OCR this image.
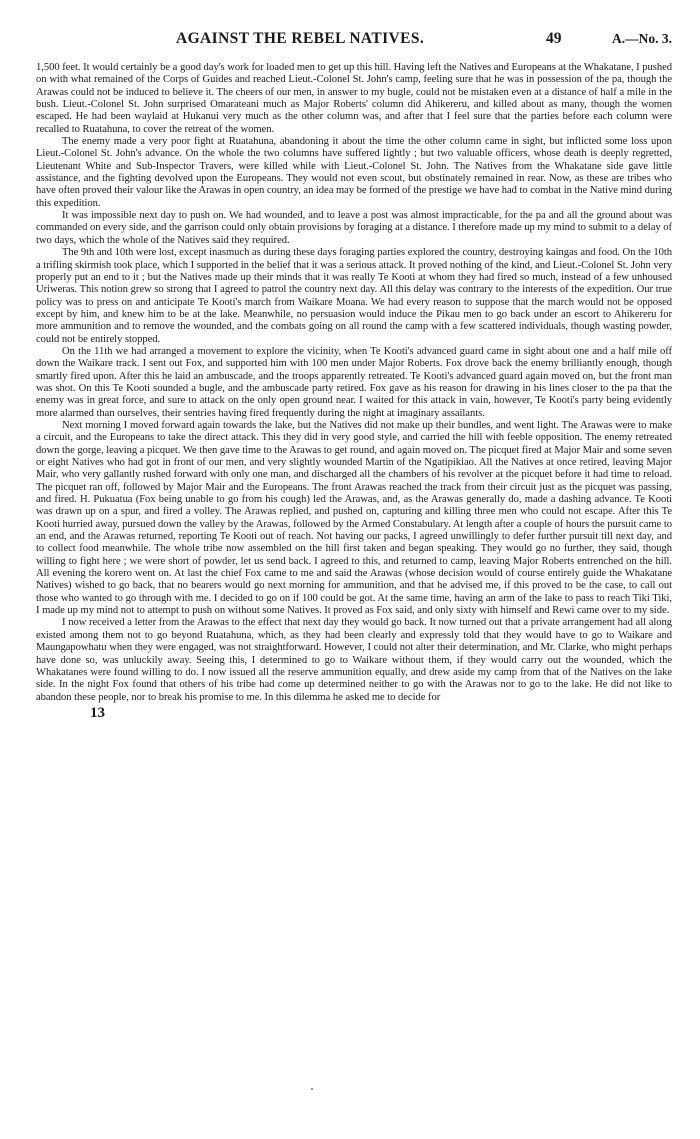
AGAINST THE REBEL NATIVES.	49	A.—No. 3.

1,500 feet. It would certainly be a good day's work for loaded men to get up this hill. Having left the Natives and Europeans at the Whakatane, I pushed on with what remained of the Corps of Guides and reached Lieut.-Colonel St. John's camp, feeling sure that he was in possession of the pa, though the Arawas could not be induced to believe it. The cheers of our men, in answer to my bugle, could not be mistaken even at a distance of half a mile in the bush. Lieut.-Colonel St. John surprised Omarateani much as Major Roberts' column did Ahikereru, and killed about as many, though the women escaped. He had been waylaid at Hukanui very much as the other column was, and after that I feel sure that the parties before each column were recalled to Ruatahuna, to cover the retreat of the women.

The enemy made a very poor fight at Ruatahuna, abandoning it about the time the other column came in sight, but inflicted some loss upon Lieut.-Colonel St. John's advance. On the whole the two columns have suffered lightly ; but two valuable officers, whose death is deeply regretted, Lieutenant White and Sub-Inspector Travers, were killed while with Lieut.-Colonel St. John. The Natives from the Whakatane side gave little assistance, and the fighting devolved upon the Europeans. They would not even scout, but obstinately remained in rear. Now, as these are tribes who have often proved their valour like the Arawas in open country, an idea may be formed of the prestige we have had to combat in the Native mind during this expedition.

It was impossible next day to push on. We had wounded, and to leave a post was almost impracticable, for the pa and all the ground about was commanded on every side, and the garrison could only obtain provisions by foraging at a distance. I therefore made up my mind to submit to a delay of two days, which the whole of the Natives said they required.

The 9th and 10th were lost, except inasmuch as during these days foraging parties explored the country, destroying kaingas and food. On the 10th a trifling skirmish took place, which I supported in the belief that it was a serious attack. It proved nothing of the kind, and Lieut.-Colonel St. John very properly put an end to it ; but the Natives made up their minds that it was really Te Kooti at whom they had fired so much, instead of a few unhoused Uriweras. This notion grew so strong that I agreed to patrol the country next day. All this delay was contrary to the interests of the expedition. Our true policy was to press on and anticipate Te Kooti's march from Waikare Moana. We had every reason to suppose that the march would not be opposed except by him, and knew him to be at the lake. Meanwhile, no persuasion would induce the Pikau men to go back under an escort to Ahikereru for more ammunition and to remove the wounded, and the combats going on all round the camp with a few scattered individuals, though wasting powder, could not be entirely stopped.

On the 11th we had arranged a movement to explore the vicinity, when Te Kooti's advanced guard came in sight about one and a half mile off down the Waikare track. I sent out Fox, and supported him with 100 men under Major Roberts. Fox drove back the enemy brilliantly enough, though smartly fired upon. After this he laid an ambuscade, and the troops apparently retreated. Te Kooti's advanced guard again moved on, but the front man was shot. On this Te Kooti sounded a bugle, and the ambuscade party retired. Fox gave as his reason for drawing in his lines closer to the pa that the enemy was in great force, and sure to attack on the only open ground near. I waited for this attack in vain, however, Te Kooti's party being evidently more alarmed than ourselves, their sentries having fired frequently during the night at imaginary assailants.

Next morning I moved forward again towards the lake, but the Natives did not make up their bundles, and went light. The Arawas were to make a circuit, and the Europeans to take the direct attack. This they did in very good style, and carried the hill with feeble opposition. The enemy retreated down the gorge, leaving a picquet. We then gave time to the Arawas to get round, and again moved on. The picquet fired at Major Mair and some seven or eight Natives who had got in front of our men, and very slightly wounded Martin of the Ngatipikiao. All the Natives at once retired, leaving Major Mair, who very gallantly rushed forward with only one man, and discharged all the chambers of his revolver at the picquet before it had time to reload. The picquet ran off, followed by Major Mair and the Europeans. The front Arawas reached the track from their circuit just as the picquet was passing, and fired. H. Pukuatua (Fox being unable to go from his cough) led the Arawas, and, as the Arawas generally do, made a dashing advance. Te Kooti was drawn up on a spur, and fired a volley. The Arawas replied, and pushed on, capturing and killing three men who could not escape. After this Te Kooti hurried away, pursued down the valley by the Arawas, followed by the Armed Constabulary. At length after a couple of hours the pursuit came to an end, and the Arawas returned, reporting Te Kooti out of reach. Not having our packs, I agreed unwillingly to defer further pursuit till next day, and to collect food meanwhile. The whole tribe now assembled on the hill first taken and began speaking. They would go no further, they said, though willing to fight here ; we were short of powder, let us send back. I agreed to this, and returned to camp, leaving Major Roberts entrenched on the hill. All evening the korero went on. At last the chief Fox came to me and said the Arawas (whose decision would of course entirely guide the Whakatane Natives) wished to go back, that no bearers would go next morning for ammunition, and that he advised me, if this proved to be the case, to call out those who wanted to go through with me. I decided to go on if 100 could be got. At the same time, having an arm of the lake to pass to reach Tiki Tiki, I made up my mind not to attempt to push on without some Natives. It proved as Fox said, and only sixty with himself and Rewi came over to my side.

I now received a letter from the Arawas to the effect that next day they would go back. It now turned out that a private arrangement had all along existed among them not to go beyond Ruatahuna, which, as they had been clearly and expressly told that they would have to go to Waikare and Maungapowhatu when they were engaged, was not straightforward. However, I could not alter their determination, and Mr. Clarke, who might perhaps have done so, was unluckily away. Seeing this, I determined to go to Waikare without them, if they would carry out the wounded, which the Whakatanes were found willing to do. I now issued all the reserve ammunition equally, and drew aside my camp from that of the Natives on the lake side. In the night Fox found that others of his tribe had come up determined neither to go with the Arawas nor to go to the lake. He did not like to abandon these people, nor to break his promise to me. In this dilemma he asked me to decide for

13
